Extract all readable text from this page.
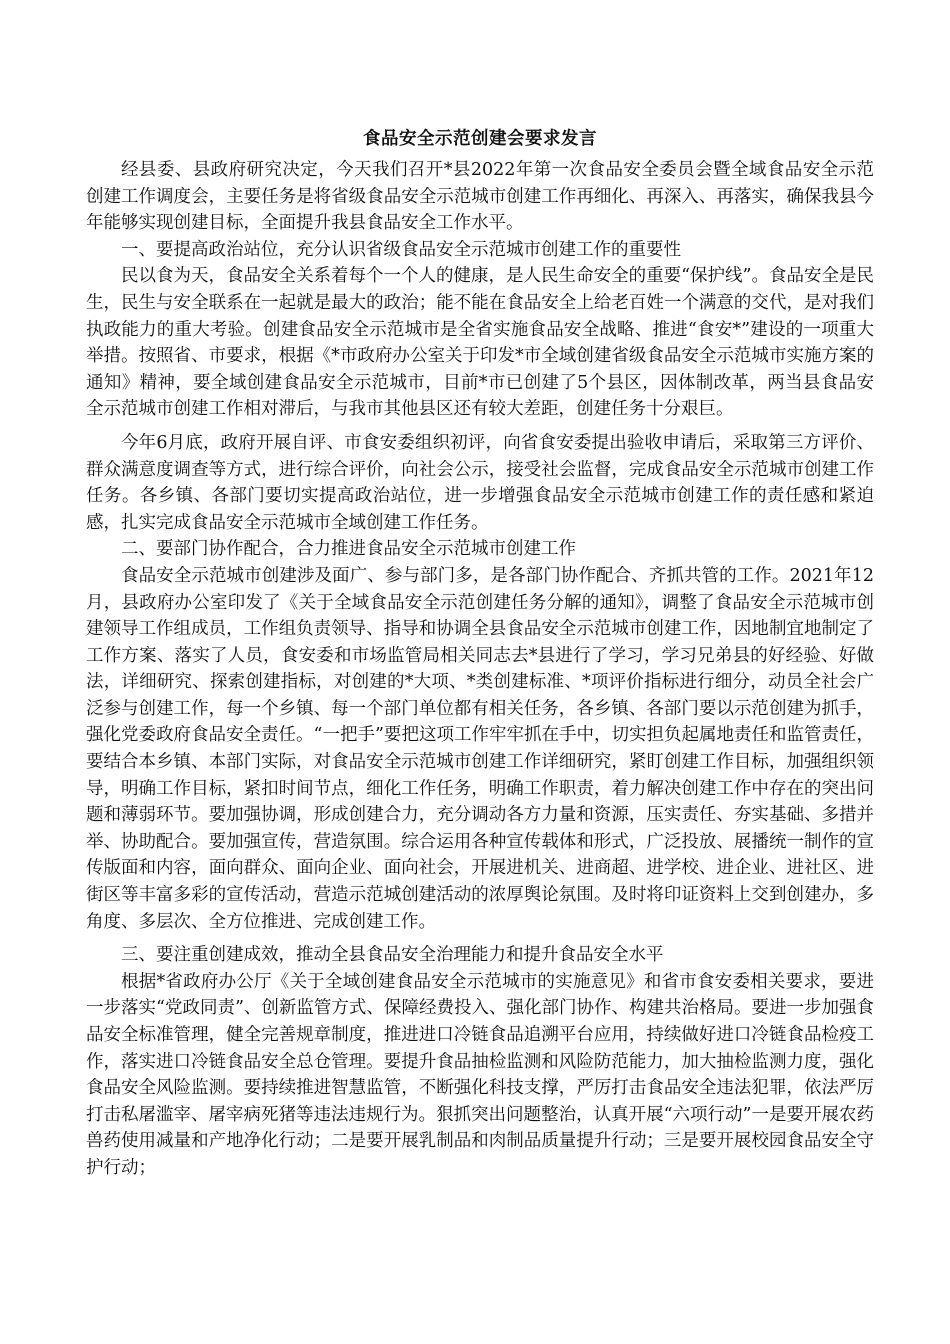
食品安全示范创建会要求发言

经县委、县政府研究决定，今天我们召开*县2022年第一次食品安全委员会暨全域食品安全示范创建工作调度会，主要任务是将省级食品安全示范城市创建工作再细化、再深入、再落实，确保我县今年能够实现创建目标，全面提升我县食品安全工作水平。

一、要提高政治站位，充分认识省级食品安全示范城市创建工作的重要性

民以食为天，食品安全关系着每个一个人的健康，是人民生命安全的重要“保护线”。食品安全是民生，民生与安全联系在一起就是最大的政治；能不能在食品安全上给老百姓一个满意的交代，是对我们执政能力的重大考验。创建食品安全示范城市是全省实施食品安全战略、推进“食安*”建设的一项重大举措。按照省、市要求，根据《*市政府办公室关于印发*市全域创建省级食品安全示范城市实施方案的通知》精神，要全域创建食品安全示范城市，目前*市已创建了5个县区，因体制改革，两当县食品安全示范城市创建工作相对滞后，与我市其他县区还有较大差距，创建任务十分艰巨。

今年6月底，政府开展自评、市食安委组织初评，向省食安委提出验收申请后，采取第三方评价、群众满意度调查等方式，进行综合评价，向社会公示，接受社会监督，完成食品安全示范城市创建工作任务。各乡镇、各部门要切实提高政治站位，进一步增强食品安全示范城市创建工作的责任感和紧迫感，扎实完成食品安全示范城市全域创建工作任务。

二、要部门协作配合，合力推进食品安全示范城市创建工作

食品安全示范城市创建涉及面广、参与部门多，是各部门协作配合、齐抓共管的工作。2021年12月，县政府办公室印发了《关于全域食品安全示范创建任务分解的通知》，调整了食品安全示范城市创建领导工作组成员，工作组负责领导、指导和协调全县食品安全示范城市创建工作，因地制宜地制定了工作方案、落实了人员，食安委和市场监管局相关同志去*县进行了学习，学习兄弟县的好经验、好做法，详细研究、探索创建指标，对创建的*大项、*类创建标准、*项评价指标进行细分，动员全社会广泛参与创建工作，每一个乡镇、每一个部门单位都有相关任务，各乡镇、各部门要以示范创建为抓手，强化党委政府食品安全责任。“一把手”要把这项工作牢牢抓在手中，切实担负起属地责任和监管责任，要结合本乡镇、本部门实际，对食品安全示范城市创建工作详细研究，紧盯创建工作目标，加强组织领导，明确工作目标，紧扣时间节点，细化工作任务，明确工作职责，着力解决创建工作中存在的突出问题和薄弱环节。要加强协调，形成创建合力，充分调动各方力量和资源，压实责任、夯实基础、多措并举、协助配合。要加强宣传，营造氛围。综合运用各种宣传载体和形式，广泛投放、展播统一制作的宣传版面和内容，面向群众、面向企业、面向社会，开展进机关、进商超、进学校、进企业、进社区、进街区等丰富多彩的宣传活动，营造示范城创建活动的浓厚舆论氛围。及时将印证资料上交到创建办，多角度、多层次、全方位推进、完成创建工作。

三、要注重创建成效，推动全县食品安全治理能力和提升食品安全水平

根据*省政府办公厅《关于全域创建食品安全示范城市的实施意见》和省市食安委相关要求，要进一步落实“党政同责”、创新监管方式、保障经费投入、强化部门协作、构建共治格局。要进一步加强食品安全标准管理，健全完善规章制度，推进进口冷链食品追溯平台应用，持续做好进口冷链食品检疫工作，落实进口冷链食品安全总仓管理。要提升食品抽检监测和风险防范能力，加大抽检监测力度，强化食品安全风险监测。要持续推进智慧监管，不断强化科技支撑，严厉打击食品安全违法犯罪，依法严厉打击私屠滥宰、屠宰病死猪等违法违规行为。狠抓突出问题整治，认真开展“六项行动”一是要开展农药兽药使用减量和产地净化行动；二是要开展乳制品和肉制品质量提升行动；三是要开展校园食品安全守护行动；
